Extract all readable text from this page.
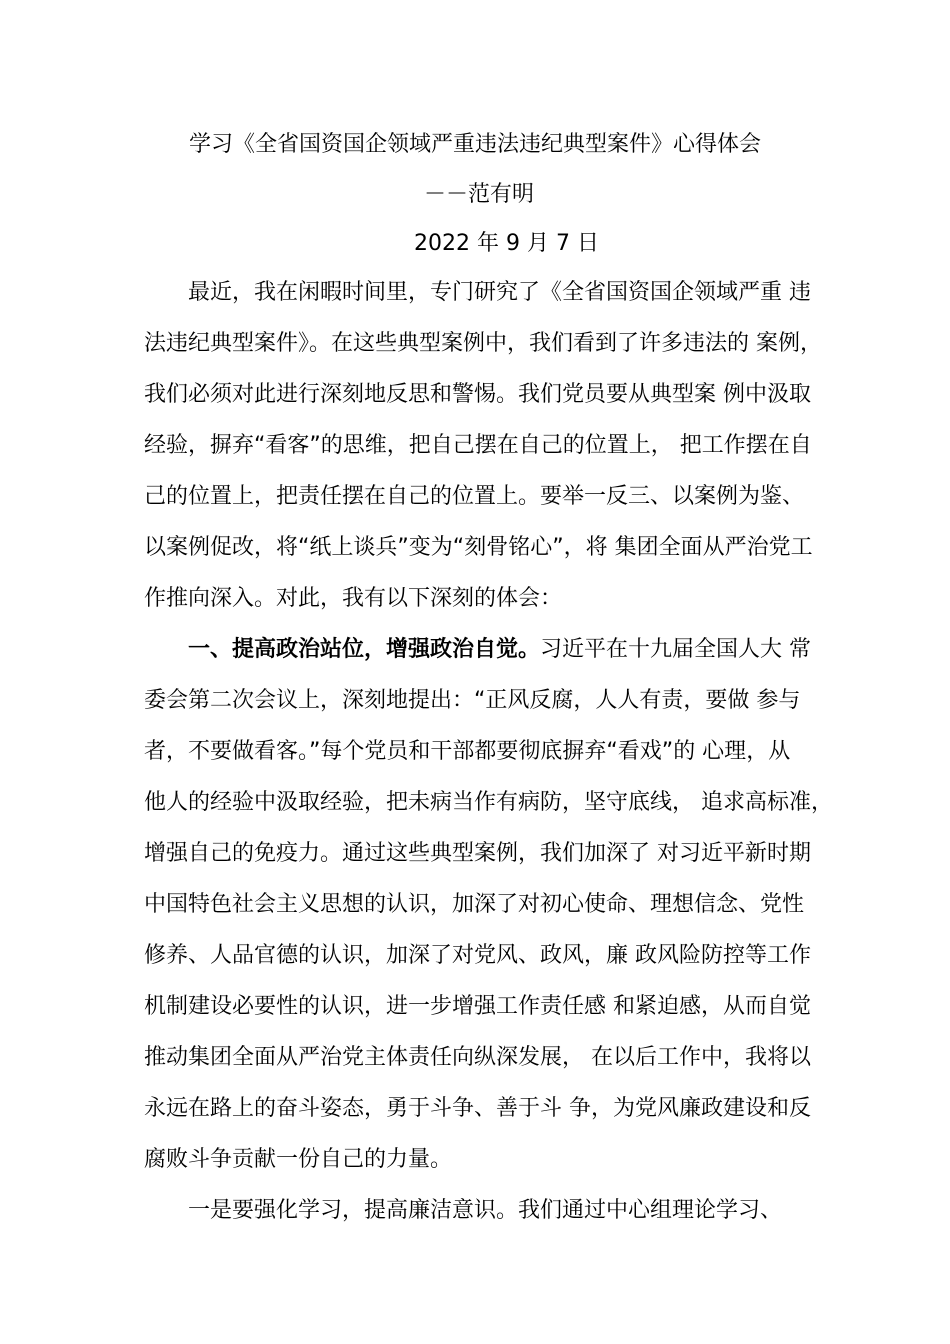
学习《全省国资国企领域严重违法违纪典型案件》心得体会
－－范有明
2022 年 9 月 7 日
最近，我在闲暇时间里，专门研究了《全省国资国企领域严重 违
法违纪典型案件》。在这些典型案例中，我们看到了许多违法的 案例，
我们必须对此进行深刻地反思和警惕。我们党员要从典型案 例中汲取
经验，摒弃“看客”的思维，把自己摆在自己的位置上， 把工作摆在自
己的位置上，把责任摆在自己的位置上。要举一反三、以案例为鉴、
以案例促改，将“纸上谈兵”变为“刻骨铭心”，将 集团全面从严治党工
作推向深入。对此，我有以下深刻的体会：
一、提高政治站位，增强政治自觉。习近平在十九届全国人大 常
委会第二次会议上，深刻地提出：“正风反腐，人人有责，要做 参与
者，不要做看客。”每个党员和干部都要彻底摒弃“看戏”的 心理，从
他人的经验中汲取经验，把未病当作有病防，坚守底线， 追求高标准，
增强自己的免疫力。通过这些典型案例，我们加深了 对习近平新时期
中国特色社会主义思想的认识，加深了对初心使命、理想信念、党性
修养、人品官德的认识，加深了对党风、政风，廉 政风险防控等工作
机制建设必要性的认识，进一步增强工作责任感 和紧迫感，从而自觉
推动集团全面从严治党主体责任向纵深发展， 在以后工作中，我将以
永远在路上的奋斗姿态，勇于斗争、善于斗 争，为党风廉政建设和反
腐败斗争贡献一份自己的力量。
一是要强化学习，提高廉洁意识。我们通过中心组理论学习、
